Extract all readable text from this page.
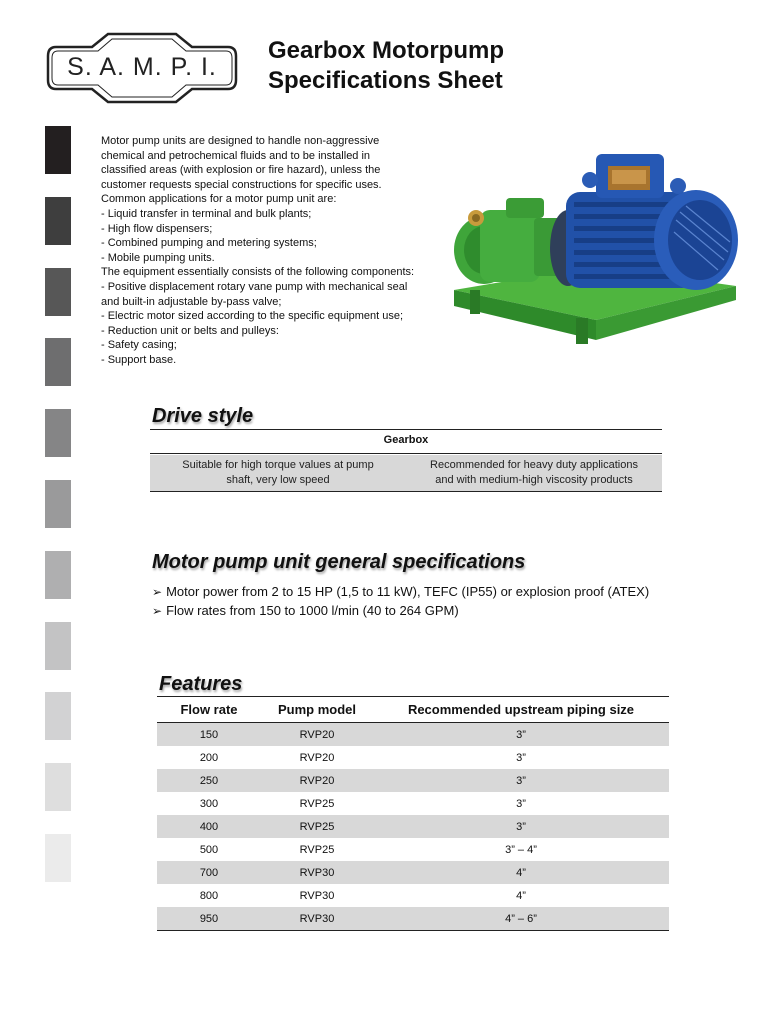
S. A. M. P. I.
Gearbox Motorpump
Specifications Sheet
Motor pump units are designed to handle non-aggressive
chemical and petrochemical fluids and to be installed in
classified areas (with explosion or fire hazard), unless the
customer requests special constructions for specific uses.
Common applications for a motor pump unit are:
- Liquid transfer in terminal and bulk plants;
- High flow dispensers;
- Combined pumping and metering systems;
- Mobile pumping units.
The equipment essentially consists of the following components:
- Positive displacement rotary vane pump with mechanical seal
and built-in adjustable by-pass valve;
- Electric motor sized according to the specific equipment use;
- Reduction unit or belts and pulleys:
- Safety casing;
- Support base.
Drive style
Gearbox
Suitable for high torque values at pump
shaft, very low speed
Recommended for heavy duty applications
and with medium-high viscosity products
Motor pump unit general specifications
➢ Motor power from 2 to 15 HP (1,5 to 11 kW), TEFC (IP55) or explosion proof (ATEX)
➢ Flow rates from 150 to 1000 l/min (40 to 264 GPM)
Features
Flow rate	Pump model	Recommended upstream piping size
150	RVP20	3”
200	RVP20	3”
250	RVP20	3”
300	RVP25	3”
400	RVP25	3”
500	RVP25	3” – 4”
700	RVP30	4”
800	RVP30	4”
950	RVP30	4” – 6”
